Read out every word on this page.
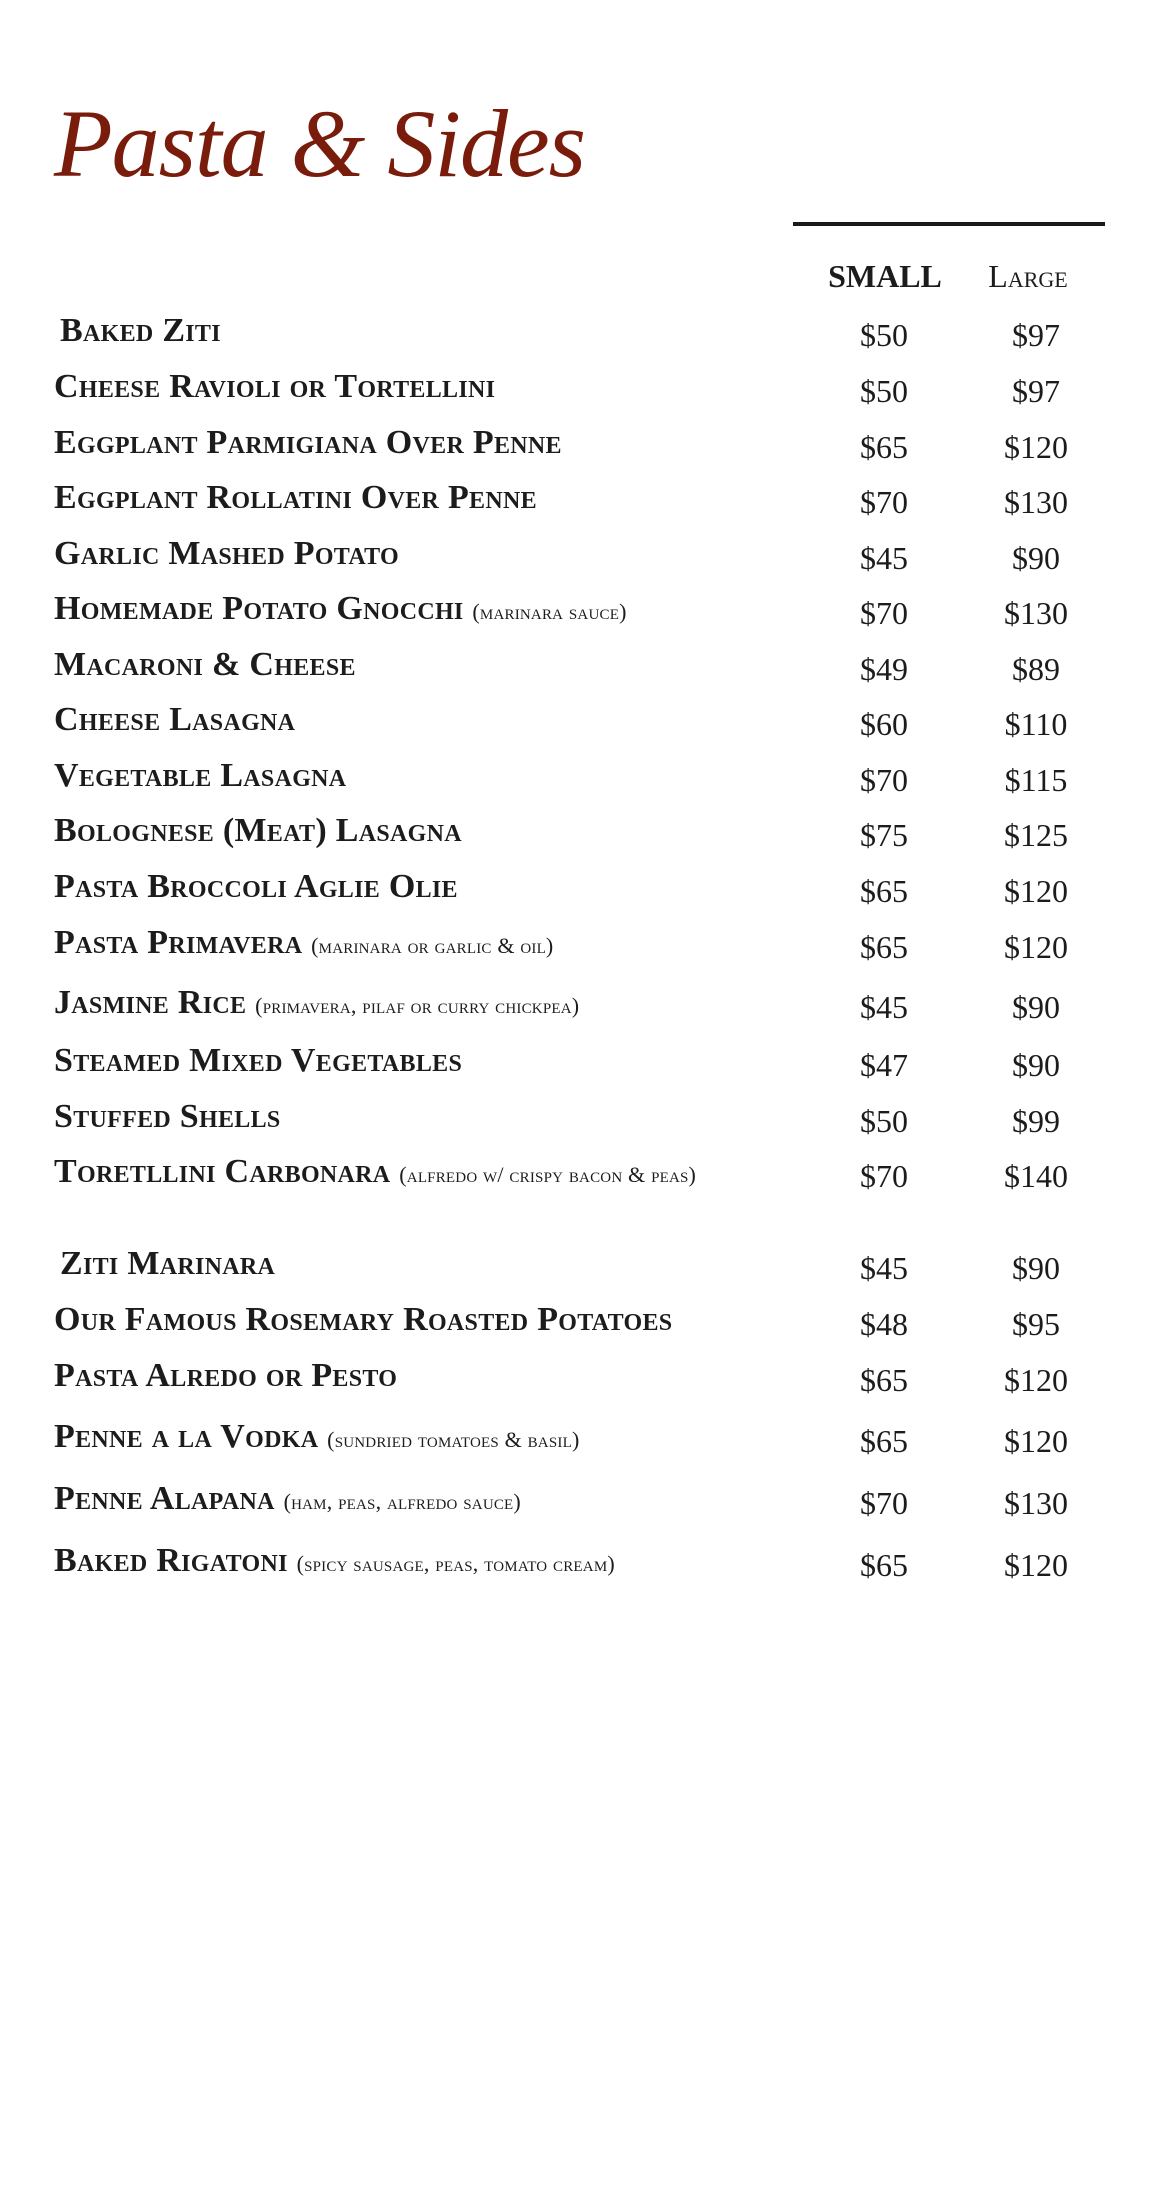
Pasta & Sides
SMALL	Large
Baked Ziti	$50	$97
Cheese Ravioli or Tortellini	$50	$97
Eggplant Parmigiana Over Penne	$65	$120
Eggplant Rollatini Over Penne	$70	$130
Garlic Mashed Potato	$45	$90
Homemade Potato Gnocchi (marinara sauce)	$70	$130
Macaroni & Cheese	$49	$89
Cheese Lasagna	$60	$110
Vegetable Lasagna	$70	$115
Bolognese (Meat) Lasagna	$75	$125
Pasta Broccoli Aglie Olie	$65	$120
Pasta Primavera (marinara or garlic & oil)	$65	$120
Jasmine Rice (primavera, pilaf or curry chickpea)	$45	$90
Steamed Mixed Vegetables	$47	$90
Stuffed Shells	$50	$99
Toretllini Carbonara (alfredo w/ crispy bacon & peas)	$70	$140
Ziti Marinara	$45	$90
Our Famous Rosemary Roasted Potatoes	$48	$95
Pasta Alredo or Pesto	$65	$120
Penne a la Vodka (sundried tomatoes & basil)	$65	$120
Penne Alapana (ham, peas, alfredo sauce)	$70	$130
Baked Rigatoni (spicy sausage, peas, tomato cream)	$65	$120
